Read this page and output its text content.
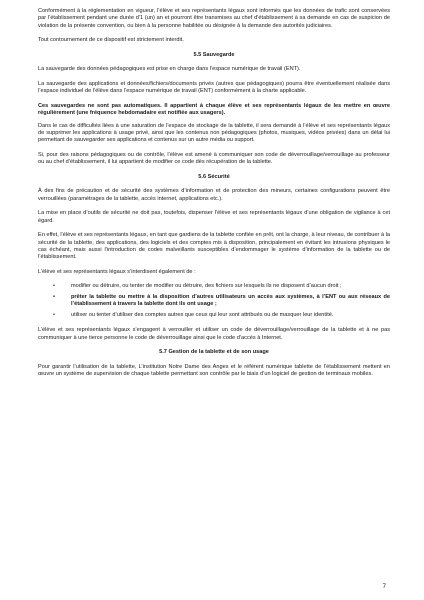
Conformément à la réglementation en vigueur, l’élève et ses représentants légaux sont informés que les données de trafic sont conservées par l’établissement pendant une durée d’1 (un) an et pourront être transmises au chef d’établissement à sa demande en cas de suspicion de violation de la présente convention, ou bien à la personne habilitée ou désignée à la demande des autorités judiciaires.

Tout contournement de ce dispositif est strictement interdit.

5.5 Sauvegarde

La sauvegarde des données pédagogiques est prise en charge dans l’espace numérique de travail (ENT).

La sauvegarde des applications et données/fichiers/documents privés (autres que pédagogiques) pourra être éventuellement réalisée dans l’espace individuel de l’élève dans l’espace numérique de travail (ENT) conformément à la charte applicable.

Ces sauvegardes ne sont pas automatiques. Il appartient à chaque élève et ses représentants légaux de les mettre en œuvre régulièrement (une fréquence hebdomadaire est notifiée aux usagers).

Dans le cas de difficultés liées à une saturation de l’espace de stockage de la tablette, il sera demandé à l’élève et ses représentants légaux de supprimer les applications à usage privé, ainsi que les contenus non pédagogiques (photos, musiques, vidéos privées) dans un délai lui permettant de sauvegarder ses applications et contenus sur un autre média ou support.

Si, pour des raisons pédagogiques ou de contrôle, l’élève est amené à communiquer son code de déverrouillage/verrouillage au professeur ou au chef d’établissement, il lui appartient de modifier ce code dès récupération de la tablette.

5.6 Sécurité

À des fins de précaution et de sécurité des systèmes d’information et de protection des mineurs, certaines configurations peuvent être verrouillées (paramétrages de la tablette, accès internet, applications etc.).

La mise en place d’outils de sécurité ne doit pas, toutefois, dispenser l’élève et ses représentants légaux d’une obligation de vigilance à cet égard.

En effet, l’élève et ses représentants légaux, en tant que gardiens de la tablette confiée en prêt, ont la charge, à leur niveau, de contribuer à la sécurité de la tablette, des applications, des logiciels et des comptes mis à disposition, principalement en évitant les intrusions physiques le cas échéant, mais aussi l’introduction de codes malveillants susceptibles d’endommager le système d’information de la tablette ou de l’établissement.

L’élève et ses représentants légaux s’interdisent également de :

• modifier ou détruire, ou tenter de modifier ou détruire, des fichiers sur lesquels ils ne disposent d’aucun droit ;
• prêter la tablette ou mettre à la disposition d’autres utilisateurs un accès aux systèmes, à l’ENT ou aux réseaux de l’établissement à travers la tablette dont ils ont usage ;
• utiliser ou tenter d’utiliser des comptes autres que ceux qui leur sont attribués ou de masquer leur identité.

L’élève et ses représentants légaux s’engagent à verrouiller et utiliser un code de déverrouillage/verrouillage de la tablette et à ne pas communiquer à une tierce personne le code de déverrouillage ainsi que le code d’accès à Internet.

5.7 Gestion de la tablette et de son usage

Pour garantir l’utilisation de la tablette, L’institution Notre Dame des Anges et le référent numérique tablette de l’établissement mettent en œuvre un système de supervision de chaque tablette permettant son contrôle par le biais d’un logiciel de gestion de terminaux mobiles.

7
